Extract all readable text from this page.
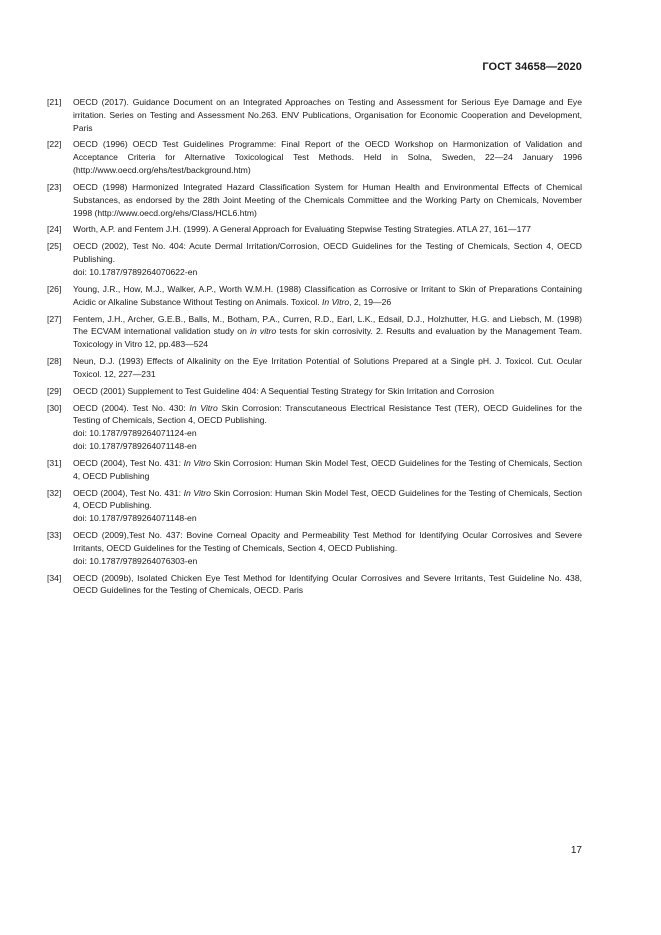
ГОСТ 34658—2020
[21]	OECD (2017). Guidance Document on an Integrated Approaches on Testing and Assessment for Serious Eye Damage and Eye irritation. Series on Testing and Assessment No.263. ENV Publications, Organisation for Economic Cooperation and Development, Paris
[22]	OECD (1996) OECD Test Guidelines Programme: Final Report of the OECD Workshop on Harmonization of Validation and Acceptance Criteria for Alternative Toxicological Test Methods. Held in Solna, Sweden, 22—24 January 1996 (http://www.oecd.org/ehs/test/background.htm)
[23]	OECD (1998) Harmonized Integrated Hazard Classification System for Human Health and Environmental Effects of Chemical Substances, as endorsed by the 28th Joint Meeting of the Chemicals Committee and the Working Party on Chemicals, November 1998 (http://www.oecd.org/ehs/Class/HCL6.htm)
[24]	Worth, A.P. and Fentem J.H. (1999). A General Approach for Evaluating Stepwise Testing Strategies. ATLA 27, 161—177
[25]	OECD (2002), Test No. 404: Acute Dermal Irritation/Corrosion, OECD Guidelines for the Testing of Chemicals, Section 4, OECD Publishing.
doi: 10.1787/9789264070622-en
[26]	Young, J.R., How, M.J., Walker, A.P., Worth W.M.H. (1988) Classification as Corrosive or Irritant to Skin of Preparations Containing Acidic or Alkaline Substance Without Testing on Animals. Toxicol. In Vitro, 2, 19—26
[27]	Fentem, J.H., Archer, G.E.B., Balls, M., Botham, P.A., Curren, R.D., Earl, L.K., Edsail, D.J., Holzhutter, H.G. and Liebsch, M. (1998) The ECVAM international validation study on in vitro tests for skin corrosivity. 2. Results and evaluation by the Management Team. Toxicology in Vitro 12, pp.483—524
[28]	Neun, D.J. (1993) Effects of Alkalinity on the Eye Irritation Potential of Solutions Prepared at a Single pH. J. Toxicol. Cut. Ocular Toxicol. 12, 227—231
[29]	OECD (2001) Supplement to Test Guideline 404: A Sequential Testing Strategy for Skin Irritation and Corrosion
[30]	OECD (2004). Test No. 430: In Vitro Skin Corrosion: Transcutaneous Electrical Resistance Test (TER), OECD Guidelines for the Testing of Chemicals, Section 4, OECD Publishing.
doi: 10.1787/9789264071124-en
doi: 10.1787/9789264071148-en
[31]	OECD (2004), Test No. 431: In Vitro Skin Corrosion: Human Skin Model Test, OECD Guidelines for the Testing of Chemicals, Section 4, OECD Publishing
[32]	OECD (2004), Test No. 431: In Vitro Skin Corrosion: Human Skin Model Test, OECD Guidelines for the Testing of Chemicals, Section 4, OECD Publishing.
doi: 10.1787/9789264071148-en
[33]	OECD (2009),Test No. 437: Bovine Corneal Opacity and Permeability Test Method for Identifying Ocular Corrosives and Severe Irritants, OECD Guidelines for the Testing of Chemicals, Section 4, OECD Publishing.
doi: 10.1787/9789264076303-en
[34]	OECD (2009b), Isolated Chicken Eye Test Method for Identifying Ocular Corrosives and Severe Irritants, Test Guideline No. 438, OECD Guidelines for the Testing of Chemicals, OECD. Paris
17
